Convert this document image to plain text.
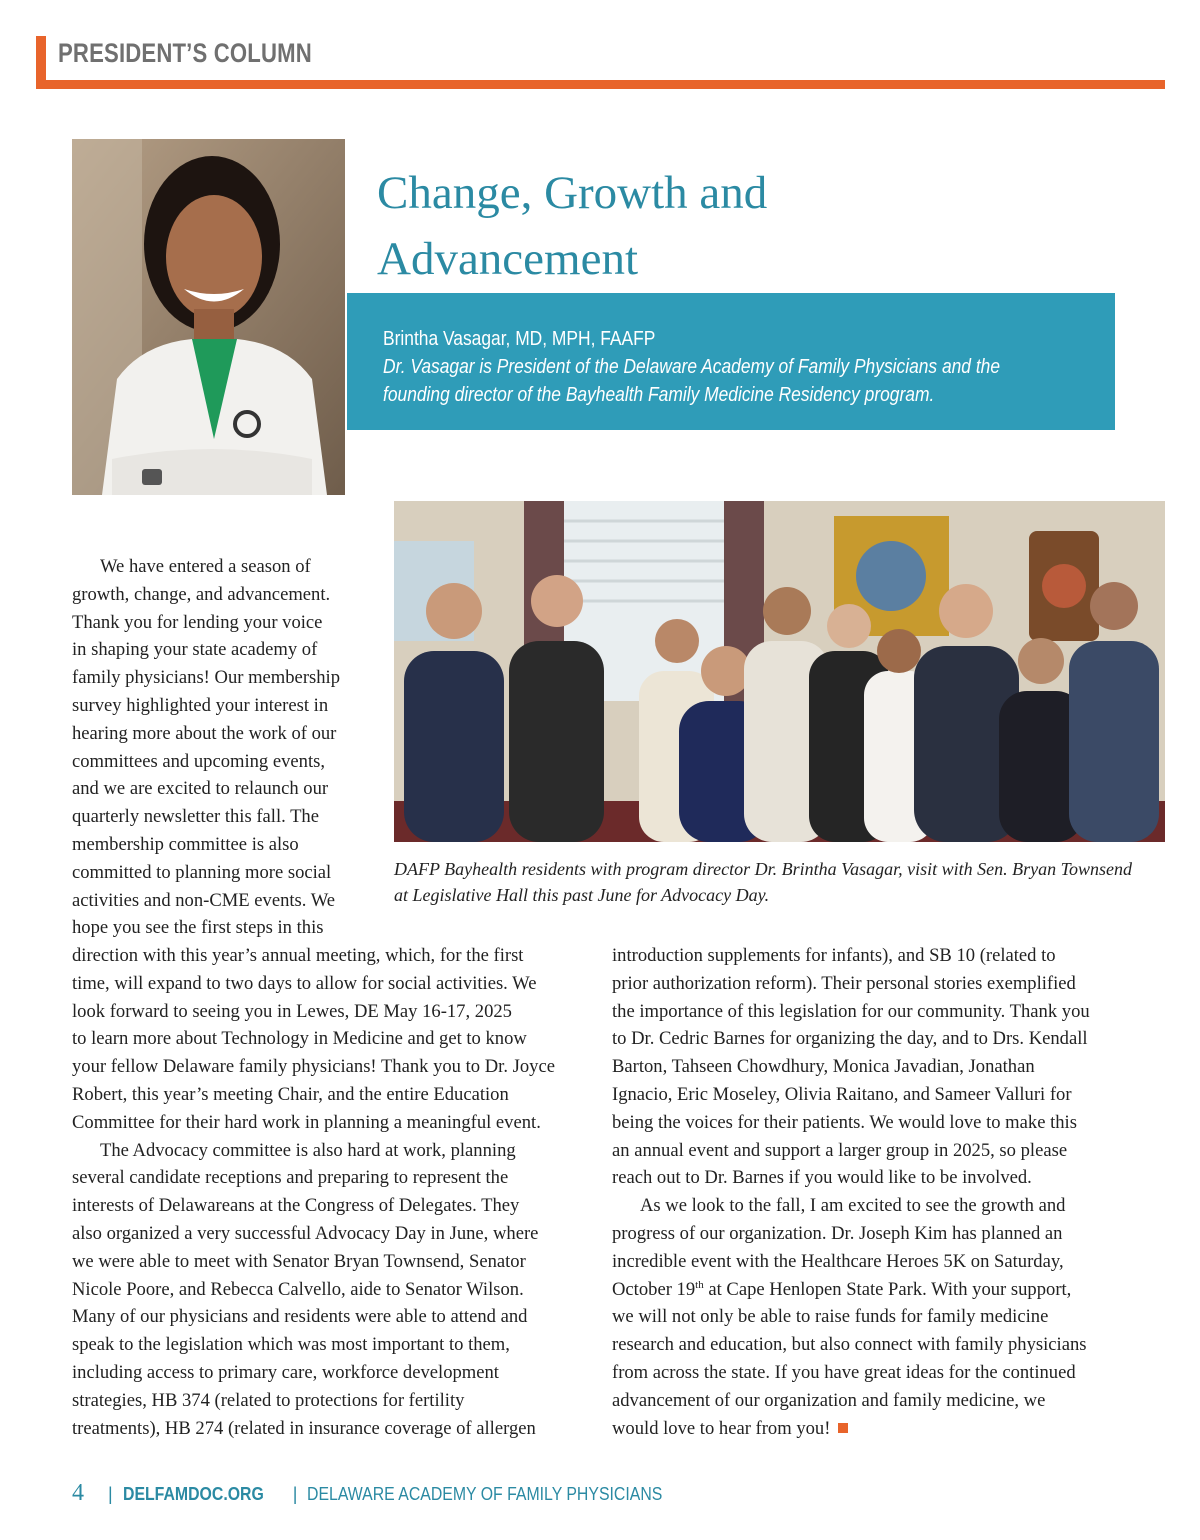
PRESIDENT’S COLUMN
Change, Growth and
Advancement
Brintha Vasagar, MD, MPH, FAAFP
Dr. Vasagar is President of the Delaware Academy of Family Physicians and the
founding director of the Bayhealth Family Medicine Residency program.
DAFP Bayhealth residents with program director Dr. Brintha Vasagar, visit with Sen. Bryan Townsend
at Legislative Hall this past June for Advocacy Day.
We have entered a season of
growth, change, and advancement.
Thank you for lending your voice
in shaping your state academy of
family physicians! Our membership
survey highlighted your interest in
hearing more about the work of our
committees and upcoming events,
and we are excited to relaunch our
quarterly newsletter this fall. The
membership committee is also
committed to planning more social
activities and non-CME events. We
hope you see the first steps in this
direction with this year’s annual meeting, which, for the first
time, will expand to two days to allow for social activities. We
look forward to seeing you in Lewes, DE May 16-17, 2025
to learn more about Technology in Medicine and get to know
your fellow Delaware family physicians! Thank you to Dr. Joyce
Robert, this year’s meeting Chair, and the entire Education
Committee for their hard work in planning a meaningful event.
The Advocacy committee is also hard at work, planning
several candidate receptions and preparing to represent the
interests of Delawareans at the Congress of Delegates. They
also organized a very successful Advocacy Day in June, where
we were able to meet with Senator Bryan Townsend, Senator
Nicole Poore, and Rebecca Calvello, aide to Senator Wilson.
Many of our physicians and residents were able to attend and
speak to the legislation which was most important to them,
including access to primary care, workforce development
strategies, HB 374 (related to protections for fertility
treatments), HB 274 (related in insurance coverage of allergen
introduction supplements for infants), and SB 10 (related to
prior authorization reform). Their personal stories exemplified
the importance of this legislation for our community. Thank you
to Dr. Cedric Barnes for organizing the day, and to Drs. Kendall
Barton, Tahseen Chowdhury, Monica Javadian, Jonathan
Ignacio, Eric Moseley, Olivia Raitano, and Sameer Valluri for
being the voices for their patients. We would love to make this
an annual event and support a larger group in 2025, so please
reach out to Dr. Barnes if you would like to be involved.
As we look to the fall, I am excited to see the growth and
progress of our organization. Dr. Joseph Kim has planned an
incredible event with the Healthcare Heroes 5K on Saturday,
October 19th at Cape Henlopen State Park. With your support,
we will not only be able to raise funds for family medicine
research and education, but also connect with family physicians
from across the state. If you have great ideas for the continued
advancement of our organization and family medicine, we
would love to hear from you!
4 | DELFAMDOC.ORG | DELAWARE ACADEMY OF FAMILY PHYSICIANS
